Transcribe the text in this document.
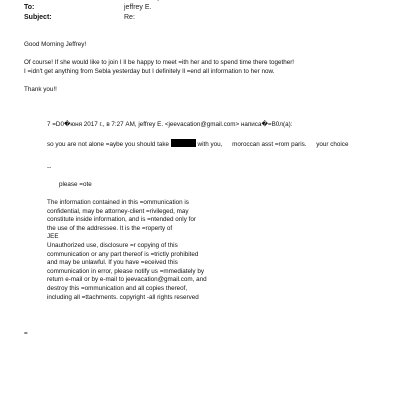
To:	jeffrey E.
Subject:	Re:
Good Morning Jeffrey!
Of course! If she would like to join I ll be happy to meet =ith her and to spend time there together!
I =idn't get anything from Sebla yesterday but I definitely ll =end all information to her now.
Thank you!!
7 =D0�юня 2017 г., в 7:27 AM, jeffrey E. <jeevacation@gmail.com> написа�=B0л(а):
so you are not alone =aybe you should take	with you, moroccan asst =rom paris. your choice
--
please =ote
The information contained in this =ommunication is
confidential, may be attorney-client =rivileged, may
constitute inside information, and is =ntended only for
the use of the addressee. It is the =roperty of
JEE
Unauthorized use, disclosure =r copying of this
communication or any part thereof is =trictly prohibited
and may be unlawful. If you have =eceived this
communication in error, please notify us =mmediately by
return e-mail or by e-mail to jeevacation@gmail.com, and
destroy this =ommunication and all copies thereof,
including all =ttachments. copyright -all rights reserved
=
